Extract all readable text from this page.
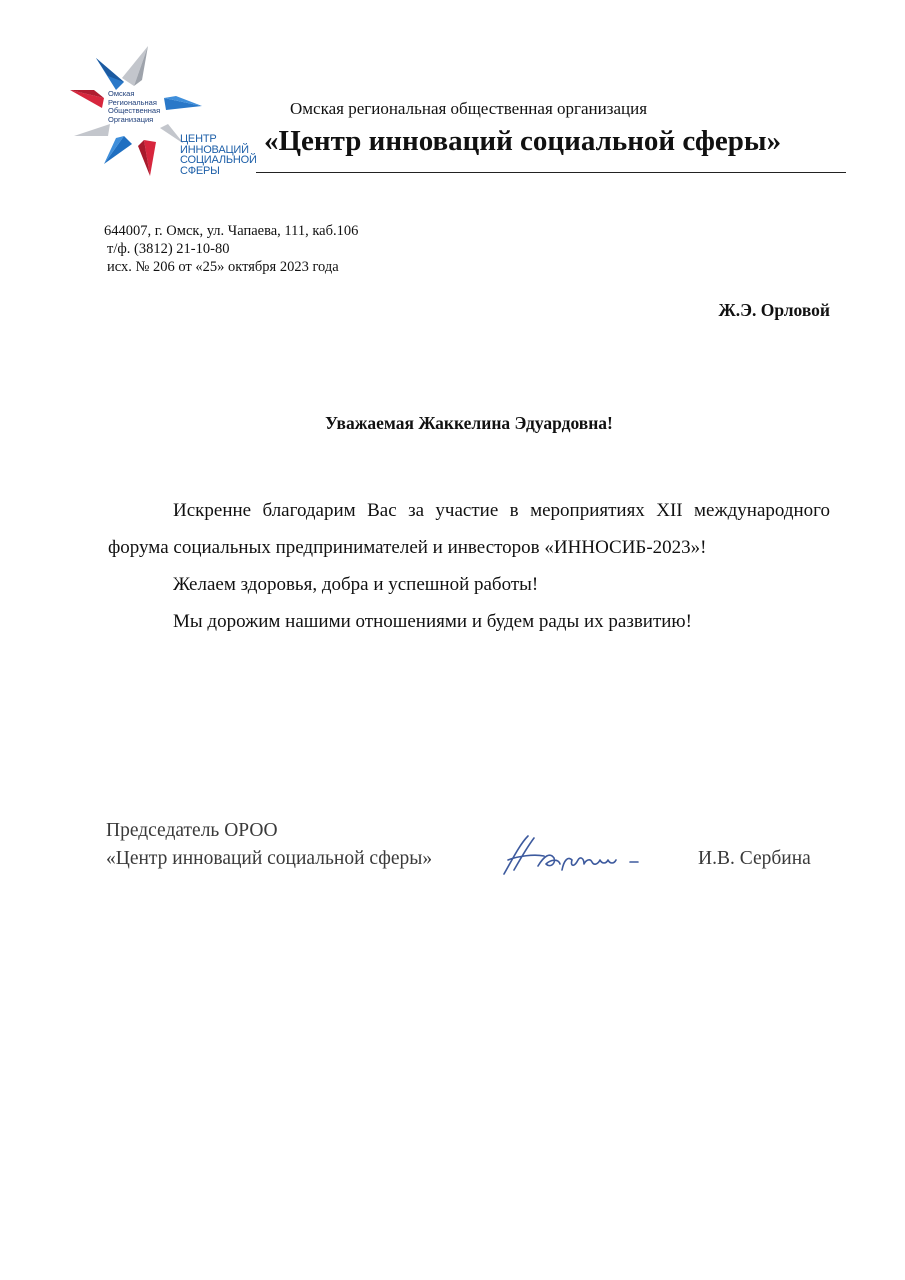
Омская
Региональная
Общественная
Организация
ЦЕНТР
ИННОВАЦИЙ
СОЦИАЛЬНОЙ
СФЕРЫ
Омская региональная общественная организация
«Центр инноваций социальной сферы»
644007, г. Омск, ул. Чапаева, 111, каб.106
т/ф. (3812) 21-10-80
исх. № 206 от «25» октября 2023 года
Ж.Э. Орловой
Уважаемая Жаккелина Эдуардовна!

Искренне благодарим Вас за участие в мероприятиях XII международного форума социальных предпринимателей и инвесторов «ИННОСИБ-2023»!

Желаем здоровья, добра и успешной работы!

Мы дорожим нашими отношениями и будем рады их развитию!

Председатель ОРОО
«Центр инноваций социальной сферы»	И.В. Сербина
